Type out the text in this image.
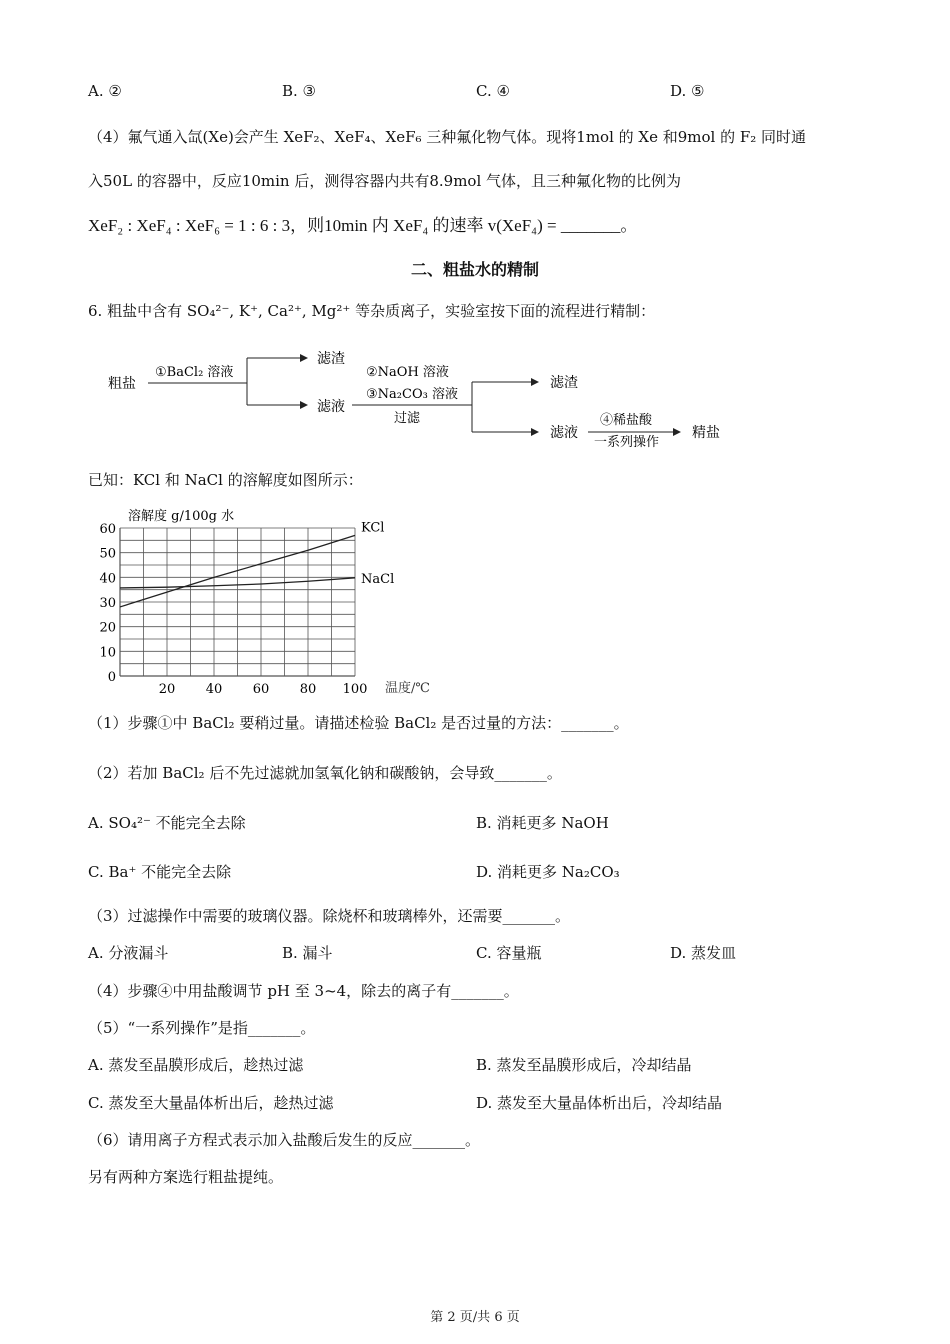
A. ②	B. ③	C. ④	D. ⑤
（4）氟气通入氙(Xe)会产生 XeF₂、XeF₄、XeF₆ 三种氟化物气体。现将1mol 的 Xe 和9mol 的 F₂ 同时通
入50L 的容器中，反应10min 后，测得容器内共有8.9mol 气体，且三种氟化物的比例为
XeF₂ : XeF₄ : XeF₆ = 1 : 6 : 3，则10min 内 XeF₄ 的速率 v(XeF₄) = _______。
二、粗盐水的精制
6. 粗盐中含有 SO₄²⁻, K⁺, Ca²⁺, Mg²⁺ 等杂质离子，实验室按下面的流程进行精制：
粗盐
①BaCl₂ 溶液
滤渣
滤液
②NaOH 溶液
③Na₂CO₃ 溶液
过滤
滤渣
滤液
④稀盐酸
一系列操作
精盐
已知：KCl 和 NaCl 的溶解度如图所示：
KCl
NaCl
20 40 60 80 100
0
10
20
30
40
50
60
溶解度 g/100g 水
温度/℃
（1）步骤①中 BaCl₂ 要稍过量。请描述检验 BaCl₂ 是否过量的方法：_______。
（2）若加 BaCl₂ 后不先过滤就加氢氧化钠和碳酸钠，会导致_______。
A. SO₄²⁻ 不能完全去除	B. 消耗更多 NaOH
C. Ba⁺ 不能完全去除	D. 消耗更多 Na₂CO₃
（3）过滤操作中需要的玻璃仪器。除烧杯和玻璃棒外，还需要_______。
A. 分液漏斗	B. 漏斗	C. 容量瓶	D. 蒸发皿
（4）步骤④中用盐酸调节 pH 至 3~4，除去的离子有_______。
（5）“一系列操作”是指_______。
A. 蒸发至晶膜形成后，趁热过滤	B. 蒸发至晶膜形成后，冷却结晶
C. 蒸发至大量晶体析出后，趁热过滤	D. 蒸发至大量晶体析出后，冷却结晶
（6）请用离子方程式表示加入盐酸后发生的反应_______。
另有两种方案选行粗盐提纯。
第 2 页/共 6 页
